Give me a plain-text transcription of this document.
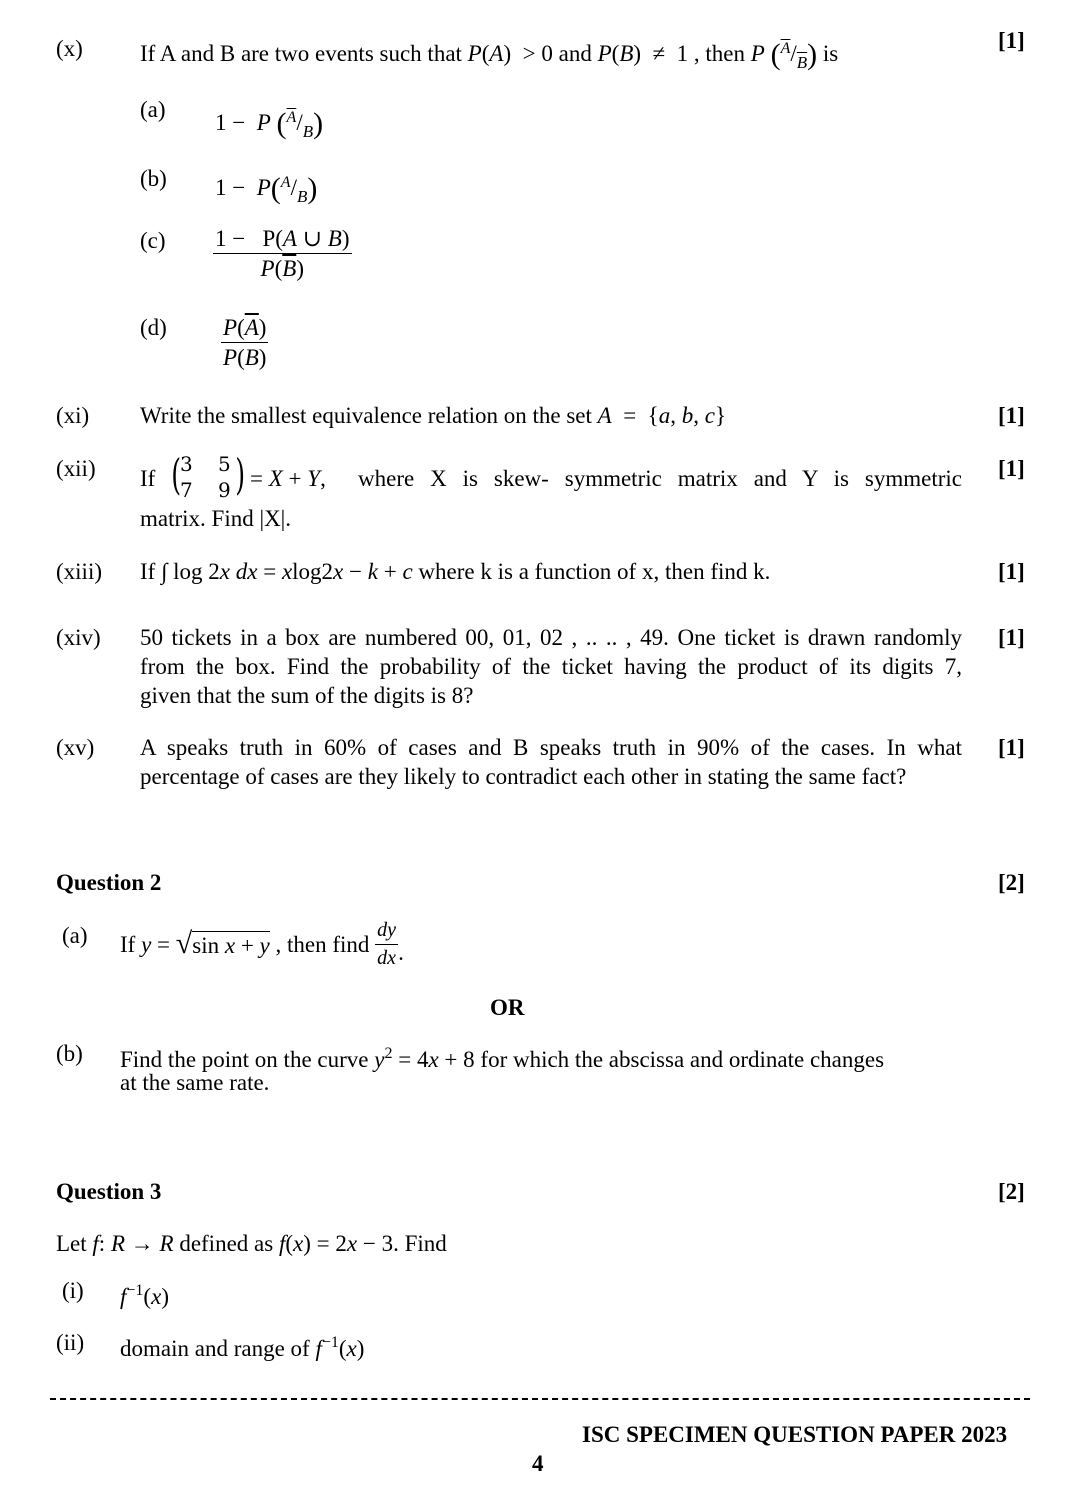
(x) If A and B are two events such that P(A)  > 0 and P(B)  ≠  1 , then P $(^{\overline{A}}/_{\overline{B}})$ is
[1]
(a)
1 −  P $(^{\overline{A}}/_B)$
(b) $1 - P(^A/_B)$
$(c) \frac{1 - P(A \cup B)}{P(\overline{B})}$
$(d) \frac{P(\overline{A})}{P(B)}$
(xi) Write the smallest equivalence relation on the set A  =  {a, b, c}	[1]
(xii) If (
3 5
7 9 ) = X + Y, where X is skew- symmetric matrix and Y is symmetric
matrix. Find |X|.
[1]
(xiii) If ∫ log 2x dx = xlog2x − k + c where k is a function of x, then find k.	[1]
(xiv) 50 tickets in a box are numbered 00, 01, 02 , .. .. , 49. One ticket is drawn randomly
from the box. Find the probability of the ticket having the product of its digits 7,
given that the sum of the digits is 8?
[1]
(xv) A speaks truth in 60% of cases and B speaks truth in 90% of the cases. In what
percentage of cases are they likely to contradict each other in stating the same fact?
[1]
Question 2	[2]
(a) If y = √sin x + y , then find $\frac{dy}{dx}$ .
OR
(b) Find the point on the curve $y^2 = 4x + 8$ for which the abscissa and ordinate changes
at the same rate.
Question 3	[2]
Let f: R → R defined as f(x) = 2x − 3. Find
(i) $f^{-1}(x)$
(ii) domain and range of $f^{-1}(x)$
ISC SPECIMEN QUESTION PAPER 2023
4
